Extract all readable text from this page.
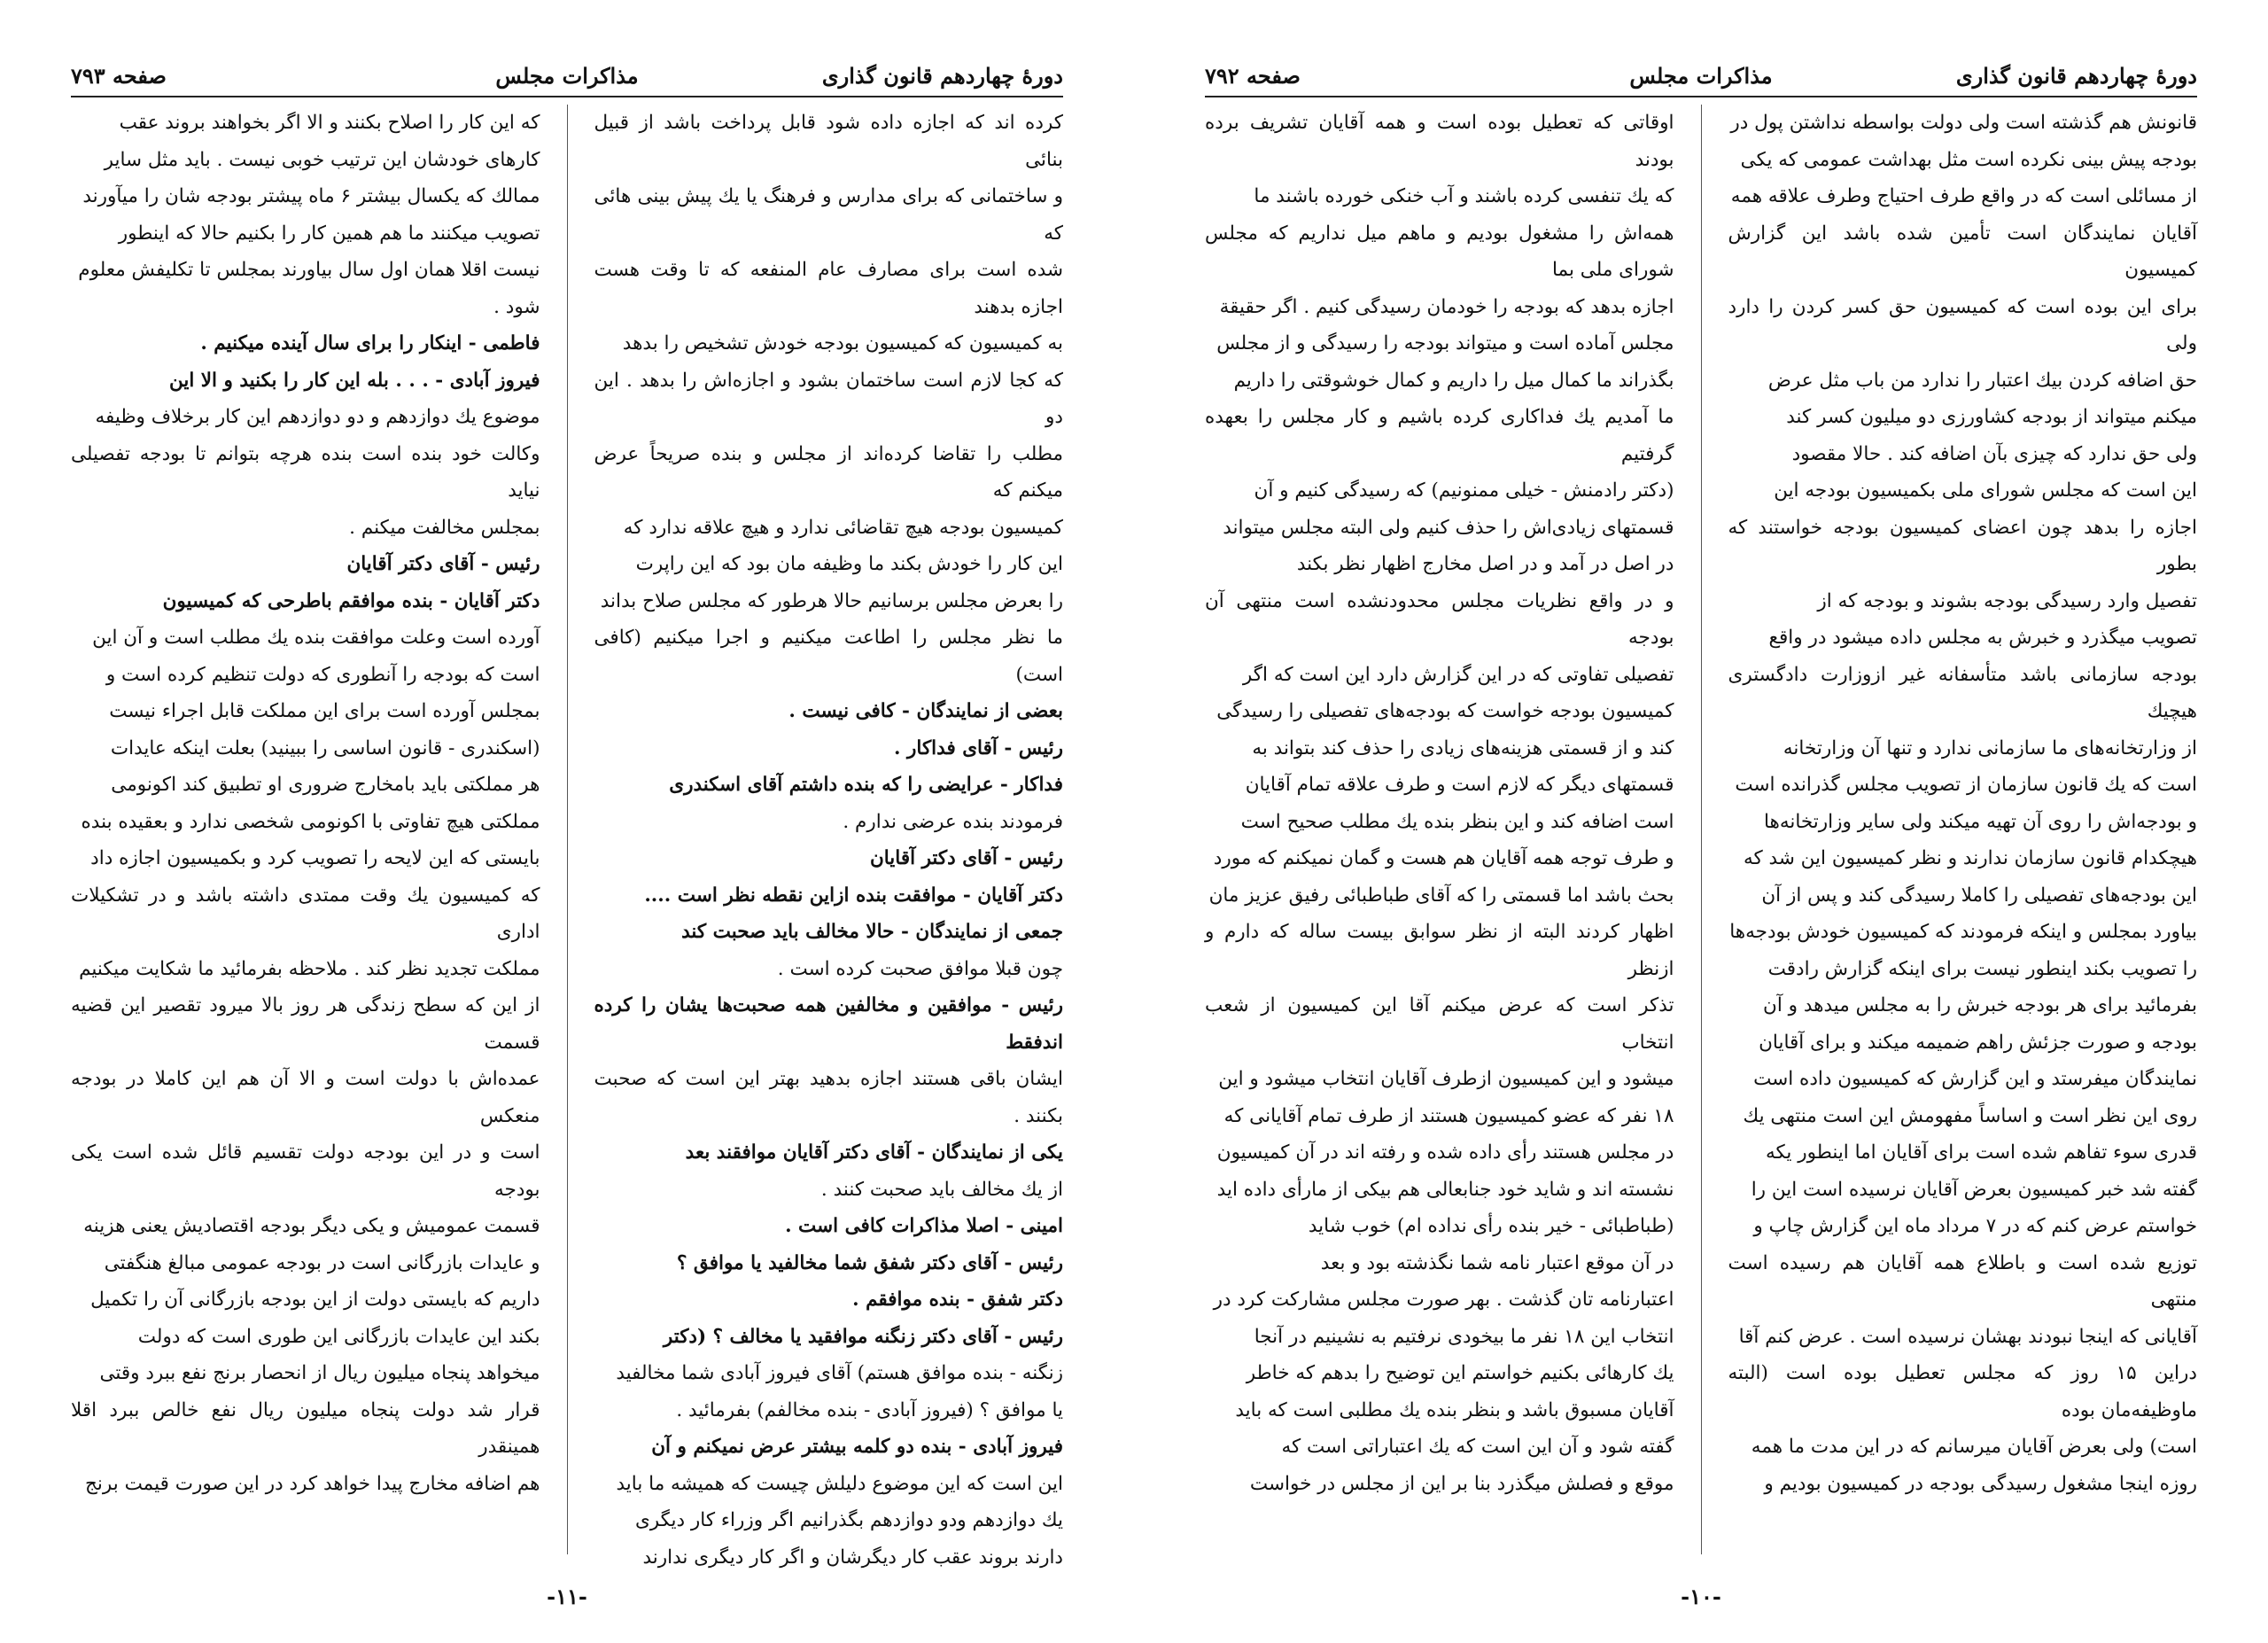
دورهٔ چهاردهم قانون گذاری
مذاکرات مجلس
صفحه ۷۹۳

کرده اند که اجازه داده شود قابل پرداخت باشد از قبیل بنائی

و ساختمانی که برای مدارس و فرهنگ یا یك پیش بینی هائی که

شده است برای مصارف عام المنفعه که تا وقت هست اجازه بدهند

به کمیسیون که کمیسیون بودجه خودش تشخیص را بدهد

که کجا لازم است ساختمان بشود و اجازه‌اش را بدهد . این دو

مطلب را تقاضا کرده‌اند از مجلس و بنده صریحاً عرض میکنم که

کمیسیون بودجه هیچ تقاضائی ندارد و هیچ علاقه ندارد که

این کار را خودش بکند ما وظیفه مان بود که این راپرت

را بعرض مجلس برسانیم حالا هرطور که مجلس صلاح بداند

ما نظر مجلس را اطاعت میکنیم و اجرا میکنیم (کافی است)

بعضی از نمایندگان - کافی نیست .

رئیس - آقای فداکار .

فداکار - عرایضی را که بنده داشتم آقای اسکندری

فرمودند بنده عرضی ندارم .

رئیس - آقای دکتر آقایان

دکتر آقایان - موافقت بنده ازاین نقطه نظر است ....

جمعی از نمایندگان - حالا مخالف باید صحبت کند

چون قبلا موافق صحبت کرده است .

رئیس - موافقین و مخالفین همه صحبت‌ها یشان را کرده اندفقط

ایشان باقی هستند اجازه بدهید بهتر این است که صحبت بکنند .

یکی از نمایندگان - آقای دکتر آقایان موافقند بعد

از یك مخالف باید صحبت کنند .

امینی - اصلا مذاکرات کافی است .

رئیس - آقای دکتر شفق شما مخالفید یا موافق ؟

دکتر شفق - بنده موافقم .

رئیس - آقای دکتر زنگنه موافقید یا مخالف ؟ (دکتر

زنگنه - بنده موافق هستم) آقای فیروز آبادی شما مخالفید

یا موافق ؟ (فیروز آبادی - بنده مخالفم) بفرمائید .

فیروز آبادی - بنده دو کلمه بیشتر عرض نمیکنم و آن

این است که این موضوع دلیلش چیست که همیشه ما باید

یك دوازدهم ودو دوازدهم بگذرانیم اگر وزراء کار دیگری

دارند بروند عقب کار دیگرشان و اگر کار دیگری ندارند

که این کار را اصلاح بکنند و الا اگر بخواهند بروند عقب

کارهای خودشان این ترتیب خوبی نیست . باید مثل سایر

ممالك که یکسال بیشتر ۶ ماه پیشتر بودجه شان را میآورند

تصویب میکنند ما هم همین کار را بکنیم حالا که اینطور

نیست اقلا همان اول سال بیاورند بمجلس تا تکلیفش معلوم

شود .

فاطمی - اینکار را برای سال آینده میکنیم .

فیروز آبادی - . . . بله این کار را بکنید و الا این

موضوع یك دوازدهم و دو دوازدهم این کار برخلاف وظیفه

وکالت خود بنده است بنده هرچه بتوانم تا بودجه تفصیلی نیاید

بمجلس مخالفت میکنم .

رئیس - آقای دکتر آقایان

دکتر آقایان - بنده موافقم باطرحی که کمیسیون

آورده است وعلت موافقت بنده یك مطلب است و آن این

است که بودجه را آنطوری که دولت تنظیم کرده است و

بمجلس آورده است برای این مملکت قابل اجراء نیست

(اسکندری - قانون اساسی را ببینید) بعلت اینکه عایدات

هر مملکتی باید بامخارج ضروری او تطبیق کند اکونومی

مملکتی هیچ تفاوتی با اکونومی شخصی ندارد و بعقیده بنده

بایستی که این لایحه را تصویب کرد و بکمیسیون اجازه داد

که کمیسیون یك وقت ممتدی داشته باشد و در تشکیلات اداری

مملکت تجدید نظر کند . ملاحظه بفرمائید ما شکایت میکنیم

از این که سطح زندگی هر روز بالا میرود تقصیر این قضیه قسمت

عمده‌اش با دولت است و الا آن هم این کاملا در بودجه منعکس

است و در این بودجه دولت تقسیم قائل شده است یکی بودجه

قسمت عمومیش و یکی دیگر بودجه اقتصادیش یعنی هزینه

و عایدات بازرگانی است در بودجه عمومی مبالغ هنگفتی

داریم که بایستی دولت از این بودجه بازرگانی آن را تکمیل

بکند این عایدات بازرگانی این طوری است که دولت

میخواهد پنجاه میلیون ریال از انحصار برنج نفع ببرد وقتی

قرار شد دولت پنجاه میلیون ریال نفع خالص ببرد اقلا همینقدر

هم اضافه مخارج پیدا خواهد کرد در این صورت قیمت برنج

-۱۱-
دورهٔ چهاردهم قانون گذاری
مذاکرات مجلس
صفحه ۷۹۲

قانونش هم گذشته است ولی دولت بواسطه نداشتن پول در

بودجه پیش بینی نکرده است مثل بهداشت عمومی که یکی

از مسائلی است که در واقع طرف احتیاج وطرف علاقه همه

آقایان نمایندگان است تأمین شده باشد این گزارش کمیسیون

برای این بوده است که کمیسیون حق کسر کردن را دارد ولی

حق اضافه کردن بیك اعتبار را ندارد من باب مثل عرض

میکنم میتواند از بودجه کشاورزی دو میلیون کسر کند

ولی حق ندارد که چیزی بآن اضافه کند . حالا مقصود

این است که مجلس شورای ملی بکمیسیون بودجه این

اجازه را بدهد چون اعضای کمیسیون بودجه خواستند که بطور

تفصیل وارد رسیدگی بودجه بشوند و بودجه که از

تصویب میگذرد و خبرش به مجلس داده میشود در واقع

بودجه سازمانی باشد متأسفانه غیر ازوزارت دادگستری هیچیك

از وزارتخانه‌های ما سازمانی ندارد و تنها آن وزارتخانه

است که یك قانون سازمان از تصویب مجلس گذرانده است

و بودجه‌اش را روی آن تهیه میکند ولی سایر وزارتخانه‌ها

هیچکدام قانون سازمان ندارند و نظر کمیسیون این شد که

این بودجه‌های تفصیلی را کاملا رسیدگی کند و پس از آن

بیاورد بمجلس و اینکه فرمودند که کمیسیون خودش بودجه‌ها

را تصویب بکند اینطور نیست برای اینکه گزارش رادقت

بفرمائید برای هر بودجه خبرش را به مجلس میدهد و آن

بودجه و صورت جزئش راهم ضمیمه میکند و برای آقایان

نمایندگان میفرستد و این گزارش که کمیسیون داده است

روی این نظر است و اساساً مفهومش این است منتهی یك

قدری سوء تفاهم شده است برای آقایان اما اینطور یکه

گفته شد خبر کمیسیون بعرض آقایان نرسیده است این را

خواستم عرض کنم که در ۷ مرداد ماه این گزارش چاپ و

توزیع شده است و باطلاع همه آقایان هم رسیده است منتهی

آقایانی که اینجا نبودند بهشان نرسیده است . عرض کنم آقا

دراین ۱۵ روز که مجلس تعطیل بوده است (البته ماوظیفه‌مان بوده

است) ولی بعرض آقایان میرسانم که در این مدت ما همه

روزه اینجا مشغول رسیدگی بودجه در کمیسیون بودیم و

اوقاتی که تعطیل بوده است و همه آقایان تشریف برده بودند

که یك تنفسی کرده باشند و آب خنکی خورده باشند ما

همه‌اش را مشغول بودیم و ماهم میل نداریم که مجلس شورای ملی بما

اجازه بدهد که بودجه را خودمان رسیدگی کنیم . اگر حقیقة

مجلس آماده است و میتواند بودجه را رسیدگی و از مجلس

بگذراند ما کمال میل را داریم و کمال خوشوقتی را داریم

ما آمدیم یك فداکاری کرده باشیم و کار مجلس را بعهده گرفتیم

(دکتر رادمنش - خیلی ممنونیم) که رسیدگی کنیم و آن

قسمتهای زیادی‌اش را حذف کنیم ولی البته مجلس میتواند

در اصل در آمد و در اصل مخارج اظهار نظر بکند

و در واقع نظریات مجلس محدودنشده است منتهی آن بودجه

تفصیلی تفاوتی که در این گزارش دارد این است که اگر

کمیسیون بودجه خواست که بودجه‌های تفصیلی را رسیدگی

کند و از قسمتی هزینه‌های زیادی را حذف کند بتواند به

قسمتهای دیگر که لازم است و طرف علاقه تمام آقایان

است اضافه کند و این بنظر بنده یك مطلب صحیح است

و طرف توجه همه آقایان هم هست و گمان نمیکنم که مورد

بحث باشد اما قسمتی را که آقای طباطبائی رفیق عزیز مان

اظهار کردند البته از نظر سوابق بیست ساله که دارم و ازنظر

تذکر است که عرض میکنم آقا این کمیسیون از شعب انتخاب

میشود و این کمیسیون ازطرف آقایان انتخاب میشود و این

۱۸ نفر که عضو کمیسیون هستند از طرف تمام آقایانی که

در مجلس هستند رأی داده شده و رفته اند در آن کمیسیون

نشسته اند و شاید خود جنابعالی هم بیکی از مارأی داده اید

(طباطبائی - خیر بنده رأی نداده ام) خوب شاید

در آن موقع اعتبار نامه شما نگذشته بود و بعد

اعتبارنامه تان گذشت . بهر صورت مجلس مشارکت کرد در

انتخاب این ۱۸ نفر ما بیخودی نرفتیم به نشینیم در آنجا

یك کارهائی بکنیم خواستم این توضیح را بدهم که خاطر

آقایان مسبوق باشد و بنظر بنده یك مطلبی است که باید

گفته شود و آن این است که یك اعتباراتی است که

موقع و فصلش میگذرد بنا بر این از مجلس در خواست

-۱۰-
